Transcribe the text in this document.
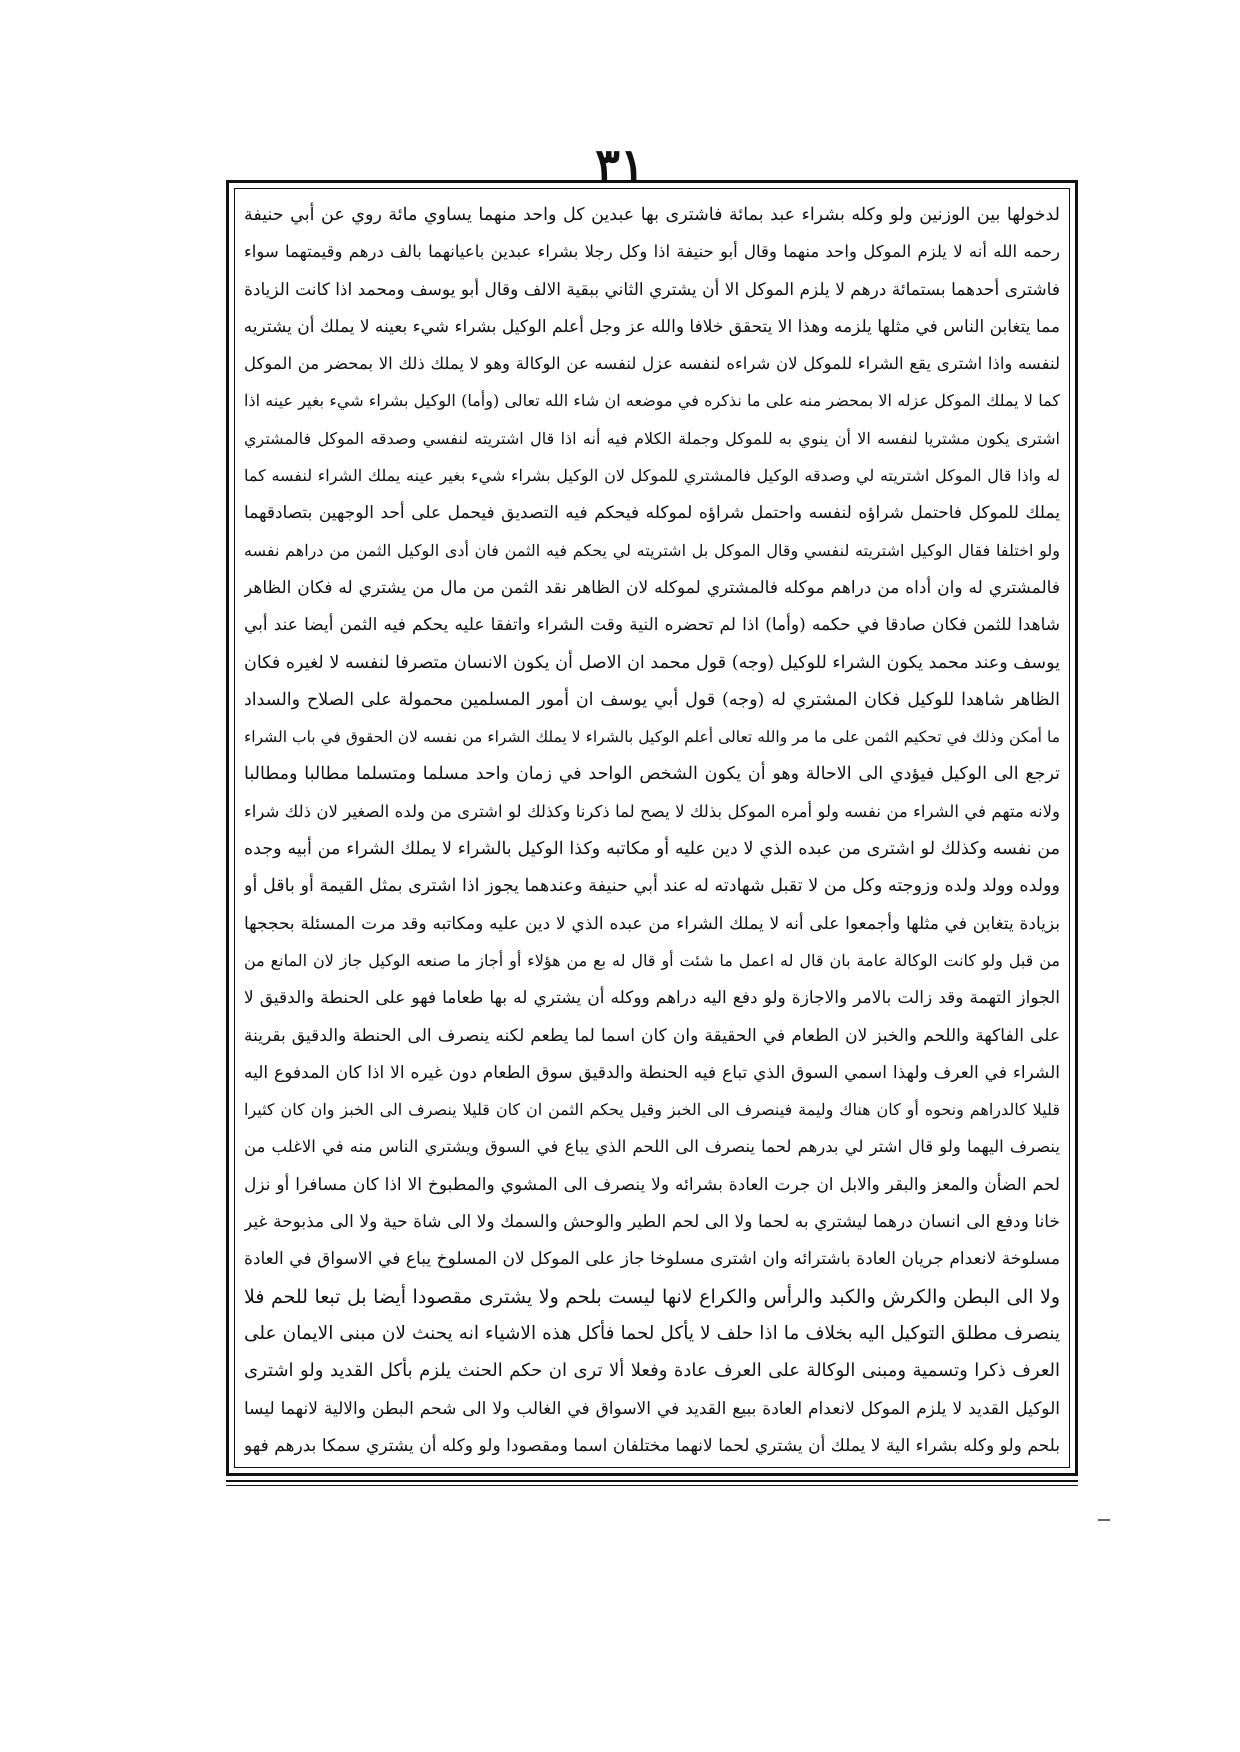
٣١
لدخولها بين الوزنين ولو وكله بشراء عبد بمائة فاشترى بها عبدين كل واحد منهما يساوي مائة روي عن أبي حنيفة
رحمه الله أنه لا يلزم الموكل واحد منهما وقال أبو حنيفة اذا وكل رجلا بشراء عبدين باعيانهما بالف درهم وقيمتهما سواء
فاشترى أحدهما بستمائة درهم لا يلزم الموكل الا أن يشتري الثاني ببقية الالف وقال أبو يوسف ومحمد اذا كانت الزيادة
مما يتغابن الناس في مثلها يلزمه وهذا الا يتحقق خلافا والله عز وجل أعلم الوكيل بشراء شيء بعينه لا يملك أن يشتريه
لنفسه واذا اشترى يقع الشراء للموكل لان شراءه لنفسه عزل لنفسه عن الوكالة وهو لا يملك ذلك الا بمحضر من الموكل
كما لا يملك الموكل عزله الا بمحضر منه على ما نذكره في موضعه ان شاء الله تعالى (وأما) الوكيل بشراء شيء بغير عينه اذا
اشترى يكون مشتريا لنفسه الا أن ينوي به للموكل وجملة الكلام فيه أنه اذا قال اشتريته لنفسي وصدقه الموكل فالمشتري
له واذا قال الموكل اشتريته لي وصدقه الوكيل فالمشتري للموكل لان الوكيل بشراء شيء بغير عينه يملك الشراء لنفسه كما
يملك للموكل فاحتمل شراؤه لنفسه واحتمل شراؤه لموكله فيحكم فيه التصديق فيحمل على أحد الوجهين بتصادقهما
ولو اختلفا فقال الوكيل اشتريته لنفسي وقال الموكل بل اشتريته لي يحكم فيه الثمن فان أدى الوكيل الثمن من دراهم نفسه
فالمشتري له وان أداه من دراهم موكله فالمشتري لموكله لان الظاهر نقد الثمن من مال من يشتري له فكان الظاهر
شاهدا للثمن فكان صادقا في حكمه (وأما) اذا لم تحضره النية وقت الشراء واتفقا عليه يحكم فيه الثمن أيضا عند أبي
يوسف وعند محمد يكون الشراء للوكيل (وجه) قول محمد ان الاصل أن يكون الانسان متصرفا لنفسه لا لغيره فكان
الظاهر شاهدا للوكيل فكان المشتري له (وجه) قول أبي يوسف ان أمور المسلمين محمولة على الصلاح والسداد
ما أمكن وذلك في تحكيم الثمن على ما مر والله تعالى أعلم الوكيل بالشراء لا يملك الشراء من نفسه لان الحقوق في باب الشراء
ترجع الى الوكيل فيؤدي الى الاحالة وهو أن يكون الشخص الواحد في زمان واحد مسلما ومتسلما مطالبا ومطالبا
ولانه متهم في الشراء من نفسه ولو أمره الموكل بذلك لا يصح لما ذكرنا وكذلك لو اشترى من ولده الصغير لان ذلك شراء
من نفسه وكذلك لو اشترى من عبده الذي لا دين عليه أو مكاتبه وكذا الوكيل بالشراء لا يملك الشراء من أبيه وجده
وولده وولد ولده وزوجته وكل من لا تقبل شهادته له عند أبي حنيفة وعندهما يجوز اذا اشترى بمثل القيمة أو باقل أو
بزيادة يتغابن في مثلها وأجمعوا على أنه لا يملك الشراء من عبده الذي لا دين عليه ومكاتبه وقد مرت المسئلة بحججها
من قبل ولو كانت الوكالة عامة بان قال له اعمل ما شئت أو قال له بع من هؤلاء أو أجاز ما صنعه الوكيل جاز لان المانع من
الجواز التهمة وقد زالت بالامر والاجازة ولو دفع اليه دراهم ووكله أن يشتري له بها طعاما فهو على الحنطة والدقيق لا
على الفاكهة واللحم والخبز لان الطعام في الحقيقة وان كان اسما لما يطعم لكنه ينصرف الى الحنطة والدقيق بقرينة
الشراء في العرف ولهذا اسمي السوق الذي تباع فيه الحنطة والدقيق سوق الطعام دون غيره الا اذا كان المدفوع اليه
قليلا كالدراهم ونحوه أو كان هناك وليمة فينصرف الى الخبز وقيل يحكم الثمن ان كان قليلا ينصرف الى الخبز وان كان كثيرا
ينصرف اليهما ولو قال اشتر لي بدرهم لحما ينصرف الى اللحم الذي يباع في السوق ويشتري الناس منه في الاغلب من
لحم الضأن والمعز والبقر والابل ان جرت العادة بشرائه ولا ينصرف الى المشوي والمطبوخ الا اذا كان مسافرا أو نزل
خانا ودفع الى انسان درهما ليشتري به لحما ولا الى لحم الطير والوحش والسمك ولا الى شاة حية ولا الى مذبوحة غير
مسلوخة لانعدام جريان العادة باشترائه وان اشترى مسلوخا جاز على الموكل لان المسلوخ يباع في الاسواق في العادة
ولا الى البطن والكرش والكبد والرأس والكراع لانها ليست بلحم ولا يشترى مقصودا أيضا بل تبعا للحم فلا
ينصرف مطلق التوكيل اليه بخلاف ما اذا حلف لا يأكل لحما فأكل هذه الاشياء انه يحنث لان مبنى الايمان على
العرف ذكرا وتسمية ومبنى الوكالة على العرف عادة وفعلا ألا ترى ان حكم الحنث يلزم بأكل القديد ولو اشترى
الوكيل القديد لا يلزم الموكل لانعدام العادة ببيع القديد في الاسواق في الغالب ولا الى شحم البطن والالية لانهما ليسا
بلحم ولو وكله بشراء الية لا يملك أن يشتري لحما لانهما مختلفان اسما ومقصودا ولو وكله أن يشتري سمكا بدرهم فهو
